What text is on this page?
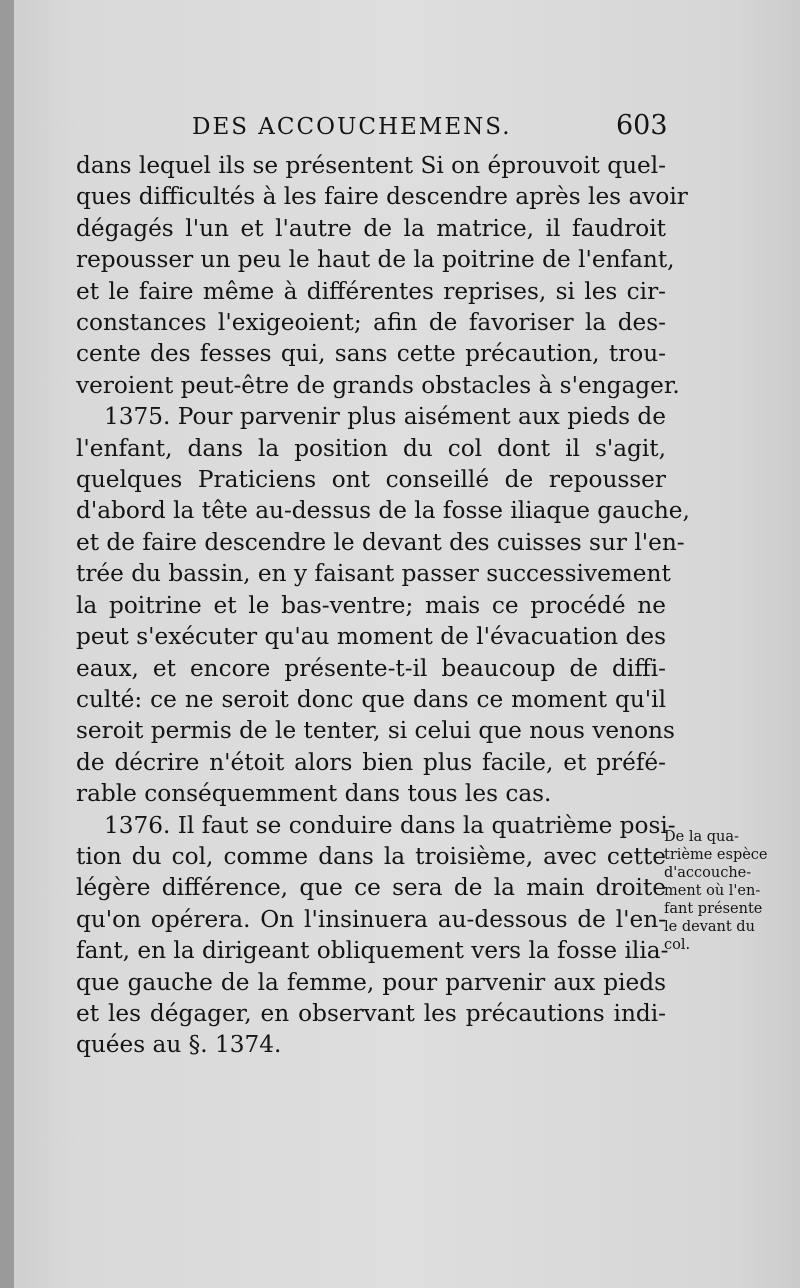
DES ACCOUCHEMENS.	603
dans lequel ils se présentent Si on éprouvoit quel-
ques difficultés à les faire descendre après les avoir
dégagés l'un et l'autre de la matrice, il faudroit
repousser un peu le haut de la poitrine de l'enfant,
et le faire même à différentes reprises, si les cir-
constances l'exigeoient; afin de favoriser la des-
cente des fesses qui, sans cette précaution, trou-
veroient peut-être de grands obstacles à s'engager.
1375. Pour parvenir plus aisément aux pieds de
l'enfant, dans la position du col dont il s'agit,
quelques Praticiens ont conseillé de repousser
d'abord la tête au-dessus de la fosse iliaque gauche,
et de faire descendre le devant des cuisses sur l'en-
trée du bassin, en y faisant passer successivement
la poitrine et le bas-ventre; mais ce procédé ne
peut s'exécuter qu'au moment de l'évacuation des
eaux, et encore présente-t-il beaucoup de diffi-
culté: ce ne seroit donc que dans ce moment qu'il
seroit permis de le tenter, si celui que nous venons
de décrire n'étoit alors bien plus facile, et préfé-
rable conséquemment dans tous les cas.
1376. Il faut se conduire dans la quatrième posi-
tion du col, comme dans la troisième, avec cette
légère différence, que ce sera de la main droite
qu'on opérera. On l'insinuera au-dessous de l'en-
fant, en la dirigeant obliquement vers la fosse ilia-
que gauche de la femme, pour parvenir aux pieds
et les dégager, en observant les précautions indi-
quées au §. 1374.
De la qua-
trième espèce
d'accouche-
ment où l'en-
fant présente
le devant du
col.
